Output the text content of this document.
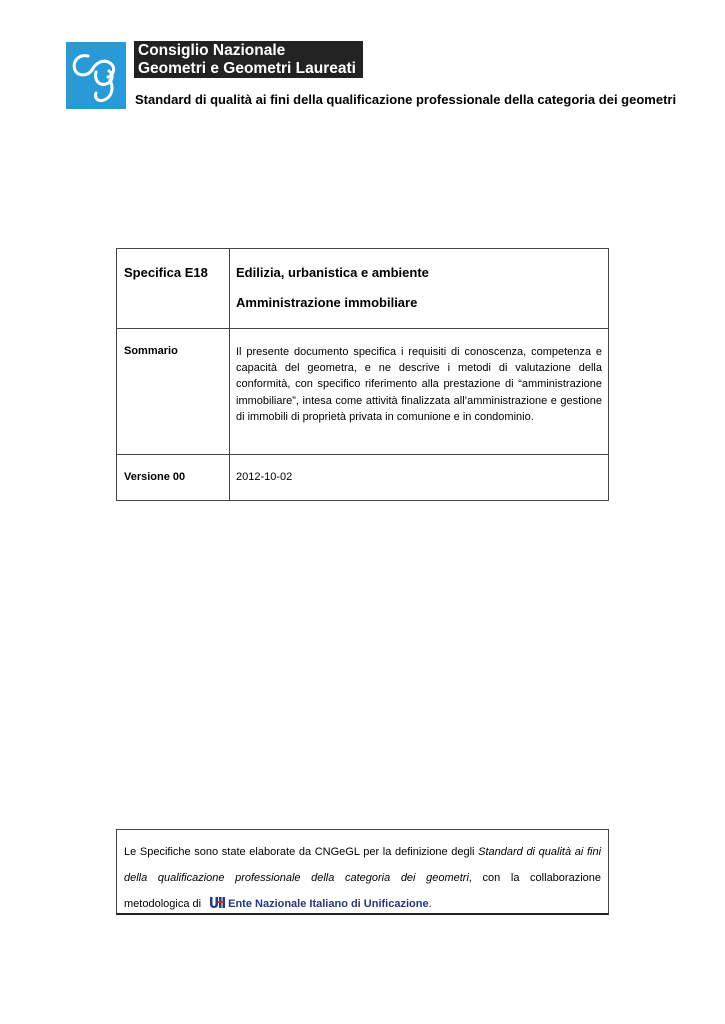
Consiglio Nazionale
Geometri e Geometri Laureati
Standard di qualità ai fini della qualificazione professionale della categoria dei geometri
Specifica E18 Edilizia, urbanistica e ambiente
Amministrazione immobiliare
Sommario	Il presente documento specifica i requisiti di conoscenza, competenza e capacità del geometra, e ne descrive i metodi di valutazione della conformità, con specifico riferimento alla prestazione di “amministrazione immobiliare”, intesa come attività finalizzata all’amministrazione e gestione di immobili di proprietà privata in comunione e in condominio.
Versione 00	2012-10-02
Le Specifiche sono state elaborate da CNGeGL per la definizione degli Standard di qualità ai fini della qualificazione professionale della categoria dei geometri, con la collaborazione metodologica di
Ente Nazionale Italiano di Unificazione.
